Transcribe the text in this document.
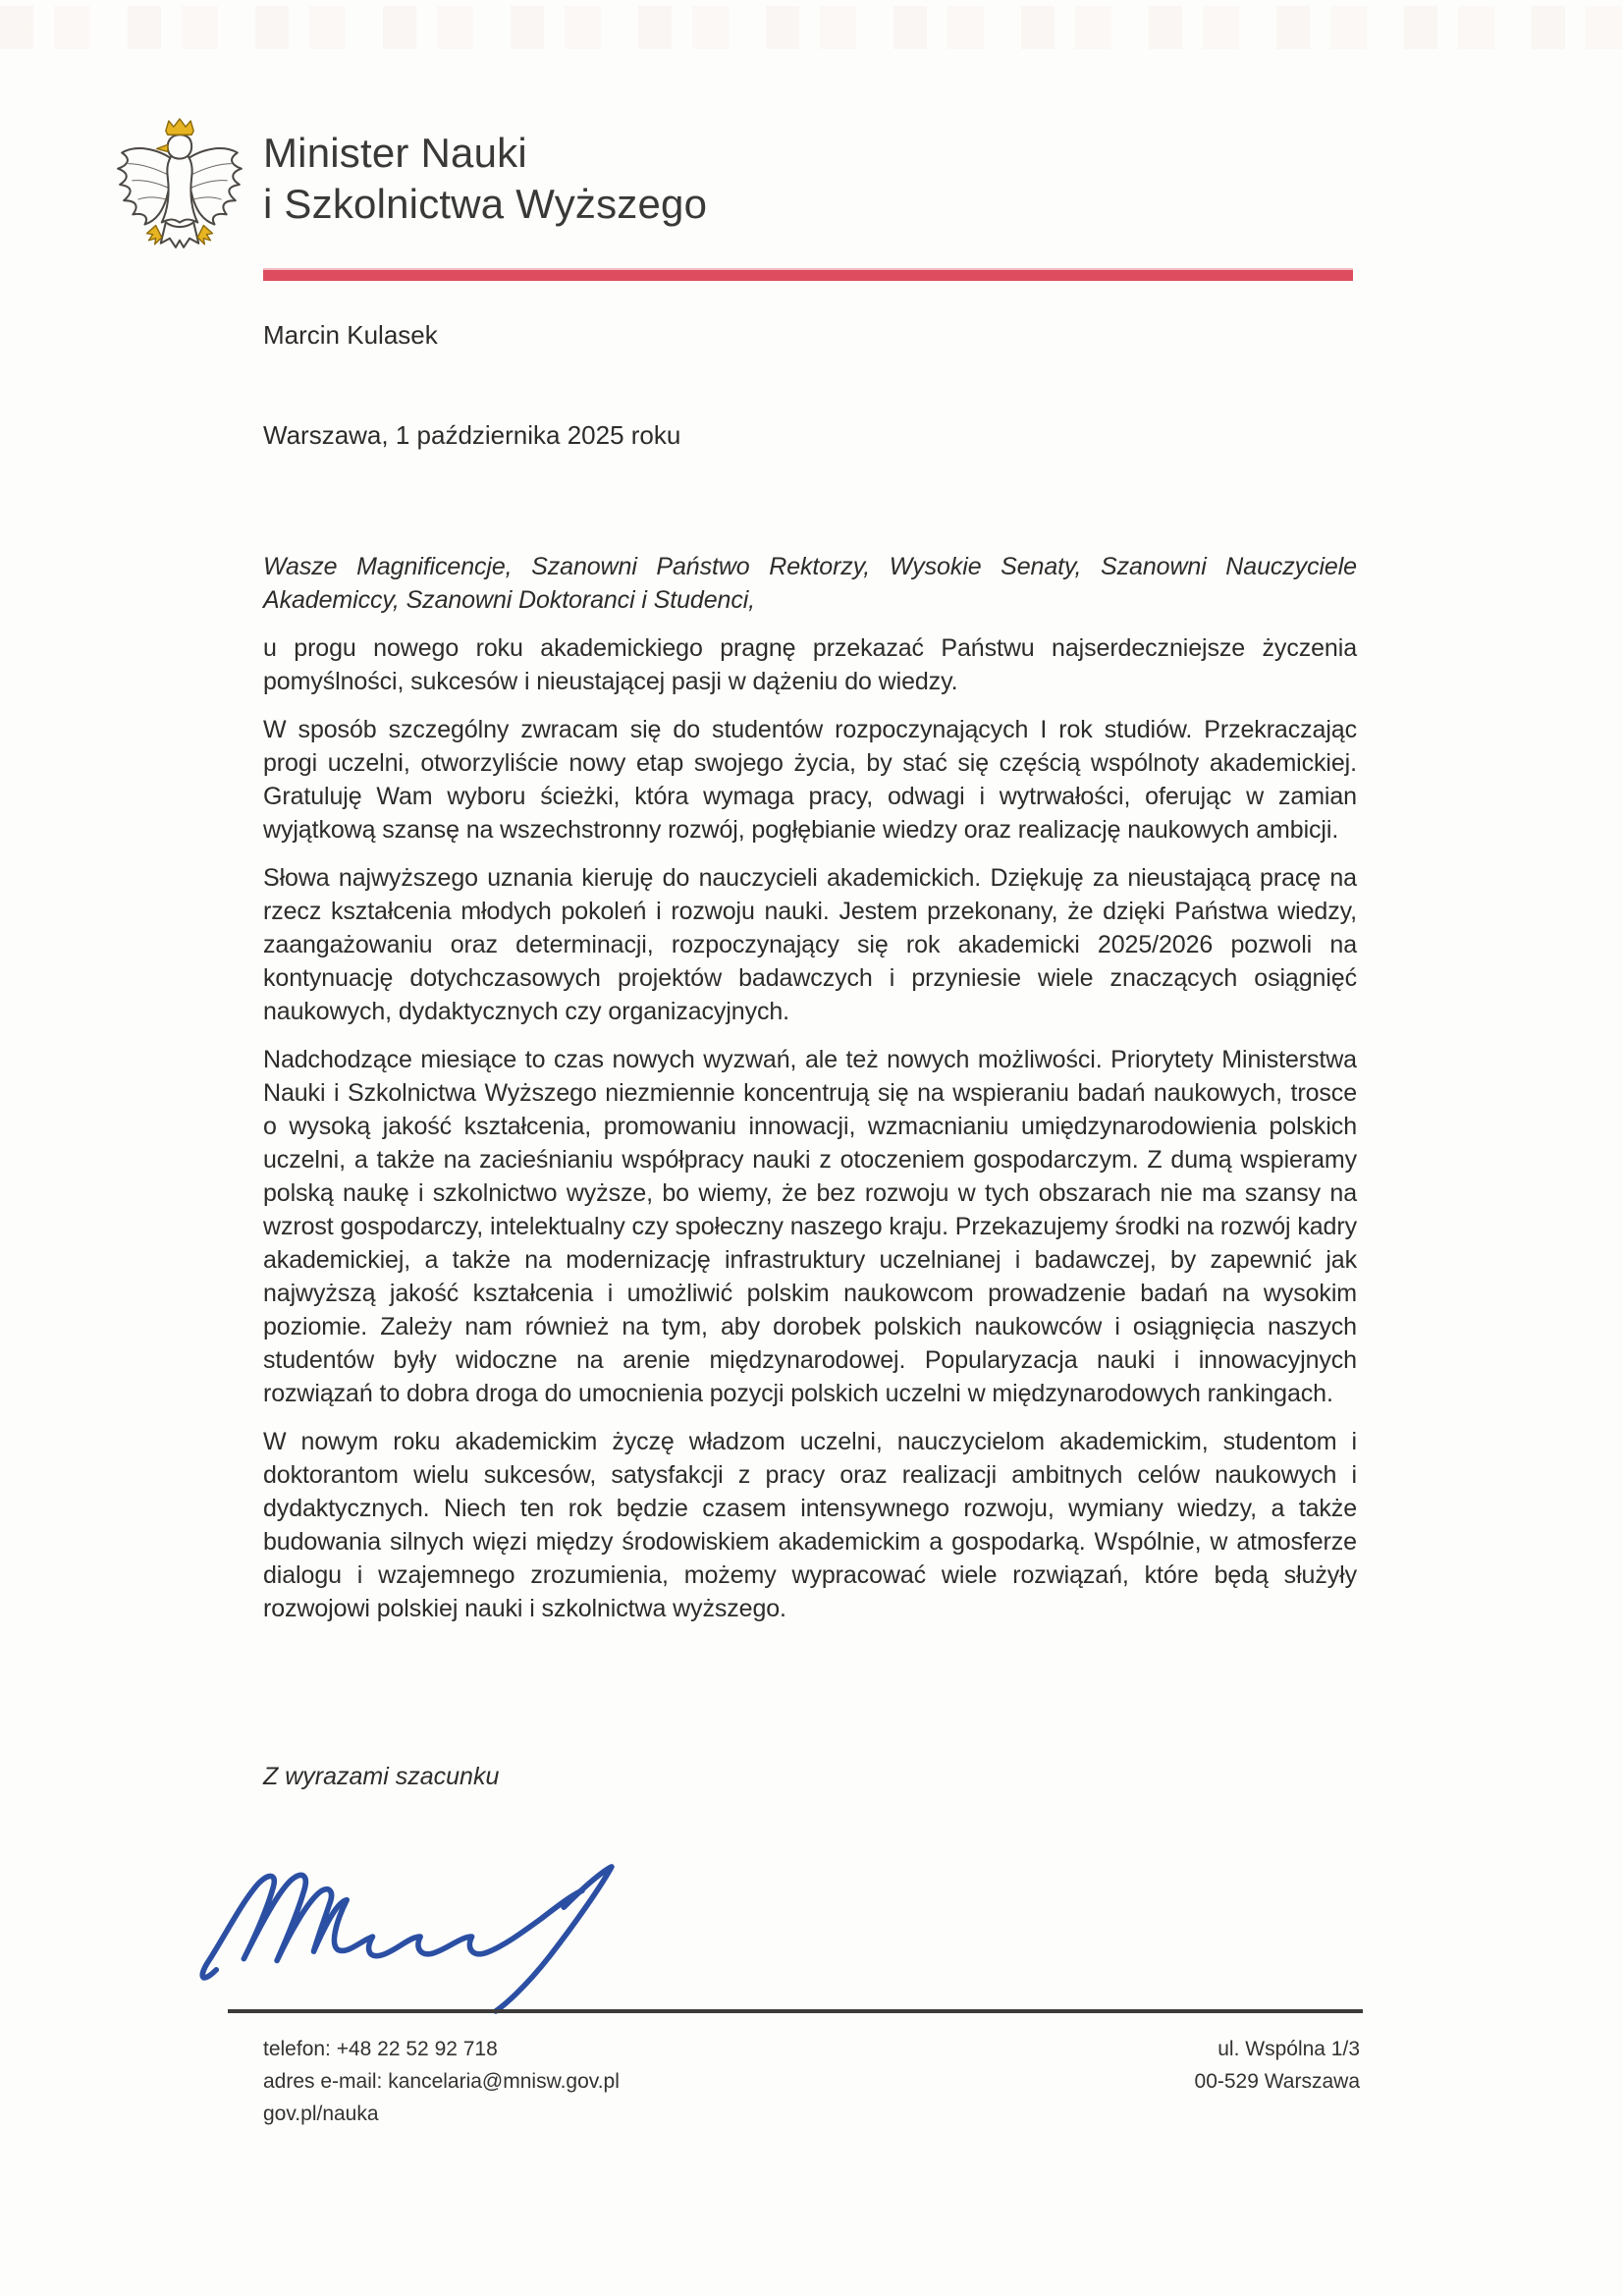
Minister Nauki
i Szkolnictwa Wyższego
Marcin Kulasek
Warszawa, 1 października 2025 roku

Wasze Magnificencje, Szanowni Państwo Rektorzy, Wysokie Senaty, Szanowni Nauczyciele Akademiccy, Szanowni Doktoranci i Studenci,

u progu nowego roku akademickiego pragnę przekazać Państwu najserdeczniejsze życzenia pomyślności, sukcesów i nieustającej pasji w dążeniu do wiedzy.

W sposób szczególny zwracam się do studentów rozpoczynających I rok studiów. Przekraczając progi uczelni, otworzyliście nowy etap swojego życia, by stać się częścią wspólnoty akademickiej. Gratuluję Wam wyboru ścieżki, która wymaga pracy, odwagi i wytrwałości, oferując w zamian wyjątkową szansę na wszechstronny rozwój, pogłębianie wiedzy oraz realizację naukowych ambicji.

Słowa najwyższego uznania kieruję do nauczycieli akademickich. Dziękuję za nieustającą pracę na rzecz kształcenia młodych pokoleń i rozwoju nauki. Jestem przekonany, że dzięki Państwa wiedzy, zaangażowaniu oraz determinacji, rozpoczynający się rok akademicki 2025/2026 pozwoli na kontynuację dotychczasowych projektów badawczych i przyniesie wiele znaczących osiągnięć naukowych, dydaktycznych czy organizacyjnych.

Nadchodzące miesiące to czas nowych wyzwań, ale też nowych możliwości. Priorytety Ministerstwa Nauki i Szkolnictwa Wyższego niezmiennie koncentrują się na wspieraniu badań naukowych, trosce o wysoką jakość kształcenia, promowaniu innowacji, wzmacnianiu umiędzynarodowienia polskich uczelni, a także na zacieśnianiu współpracy nauki z otoczeniem gospodarczym. Z dumą wspieramy polską naukę i szkolnictwo wyższe, bo wiemy, że bez rozwoju w tych obszarach nie ma szansy na wzrost gospodarczy, intelektualny czy społeczny naszego kraju. Przekazujemy środki na rozwój kadry akademickiej, a także na modernizację infrastruktury uczelnianej i badawczej, by zapewnić jak najwyższą jakość kształcenia i umożliwić polskim naukowcom prowadzenie badań na wysokim poziomie. Zależy nam również na tym, aby dorobek polskich naukowców i osiągnięcia naszych studentów były widoczne na arenie międzynarodowej. Popularyzacja nauki i innowacyjnych rozwiązań to dobra droga do umocnienia pozycji polskich uczelni w międzynarodowych rankingach.

W nowym roku akademickim życzę władzom uczelni, nauczycielom akademickim, studentom i doktorantom wielu sukcesów, satysfakcji z pracy oraz realizacji ambitnych celów naukowych i dydaktycznych. Niech ten rok będzie czasem intensywnego rozwoju, wymiany wiedzy, a także budowania silnych więzi między środowiskiem akademickim a gospodarką. Wspólnie, w atmosferze dialogu i wzajemnego zrozumienia, możemy wypracować wiele rozwiązań, które będą służyły rozwojowi polskiej nauki i szkolnictwa wyższego.

Z wyrazami szacunku
telefon: +48 22 52 92 718
adres e-mail: kancelaria@mnisw.gov.pl
gov.pl/nauka
ul. Wspólna 1/3
00-529 Warszawa
